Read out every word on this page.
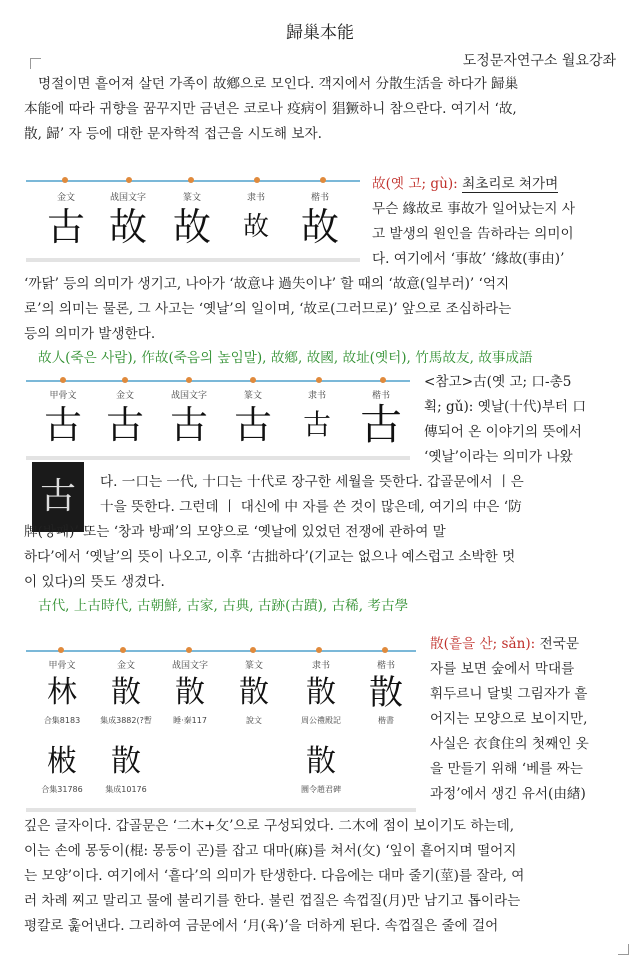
歸巢本能
도정문자연구소 월요강좌
명절이면 흩어져 살던 가족이 故鄕으로 모인다. 객지에서 分散生活을 하다가 歸巢
本能에 따라 귀향을 꿈꾸지만 금년은 코로나 疫病이 猖獗하니 참으란다. 여기서 ‘故,
散, 歸’ 자 등에 대한 문자학적 접근을 시도해 보자.
金文
古
战国文字
故
篆文
故
隶书
故
楷书
故
故(옛 고; gù): 최초리로 쳐가며
무슨 緣故로 事故가 일어났는지 사
고 발생의 원인을 告하라는 의미이
다. 여기에서 ‘事故’ ‘緣故(事由)’
‘까닭’ 등의 의미가 생기고, 나아가 ‘故意냐 過失이냐’ 할 때의 ‘故意(일부러)’ ‘억지
로’의 의미는 물론, 그 사고는 ‘옛날’의 일이며, ‘故로(그러므로)’ 앞으로 조심하라는
등의 의미가 발생한다.
故人(죽은 사람), 作故(죽음의 높임말), 故鄕, 故國, 故址(옛터), 竹馬故友, 故事成語
甲骨文
古
金文
古
战国文字
古
篆文
古
隶书
古
楷书
古
古
<참고>古(옛 고; 口-총5
획; gǔ): 옛날(十代)부터 口
傳되어 온 이야기의 뜻에서
‘옛날’이라는 의미가 나왔
다. 一口는 一代, 十口는 十代로 장구한 세월을 뜻한다. 갑골문에서 丨은
十을 뜻한다. 그런데 丨 대신에 中 자를 쓴 것이 많은데, 여기의 中은 ‘防
牌(방패)’ 또는 ‘창과 방패’의 모양으로 ‘옛날에 있었던 전쟁에 관하여 말
하다’에서 ‘옛날’의 뜻이 나오고, 이후 ‘古拙하다’(기교는 없으나 예스럽고 소박한 멋
이 있다)의 뜻도 생겼다.
古代, 上古時代, 古朝鮮, 古家, 古典, 古跡(古蹟), 古稀, 考古學
甲骨文
林
合集8183
金文
散
集成3882(?暫
战国文字
散
睡·秦117
篆文
散
說文
隶书
散
周公禮殿記
楷书
散
楷書
㪔
合集31786
散
集成10176
散
圜令趙君碑
散(흩을 산; sǎn): 전국문
자를 보면 숲에서 막대를
휘두르니 달빛 그림자가 흩
어지는 모양으로 보이지만,
사실은 衣食住의 첫째인 옷
을 만들기 위해 ‘베를 짜는
과정’에서 생긴 유서(由緖)
깊은 글자이다. 갑골문은 ‘二木+攵’으로 구성되었다. 二木에 점이 보이기도 하는데,
이는 손에 몽둥이(棍: 몽둥이 곤)를 잡고 대마(麻)를 쳐서(攵) ‘잎이 흩어지며 떨어지
는 모양’이다. 여기에서 ‘흩다’의 의미가 탄생한다. 다음에는 대마 줄기(莖)를 잘라, 여
러 차례 찌고 말리고 물에 불리기를 한다. 불린 껍질은 속껍질(月)만 남기고 톱이라는
평칼로 훑어낸다. 그리하여 금문에서 ‘月(육)’을 더하게 된다. 속껍질은 줄에 걸어
